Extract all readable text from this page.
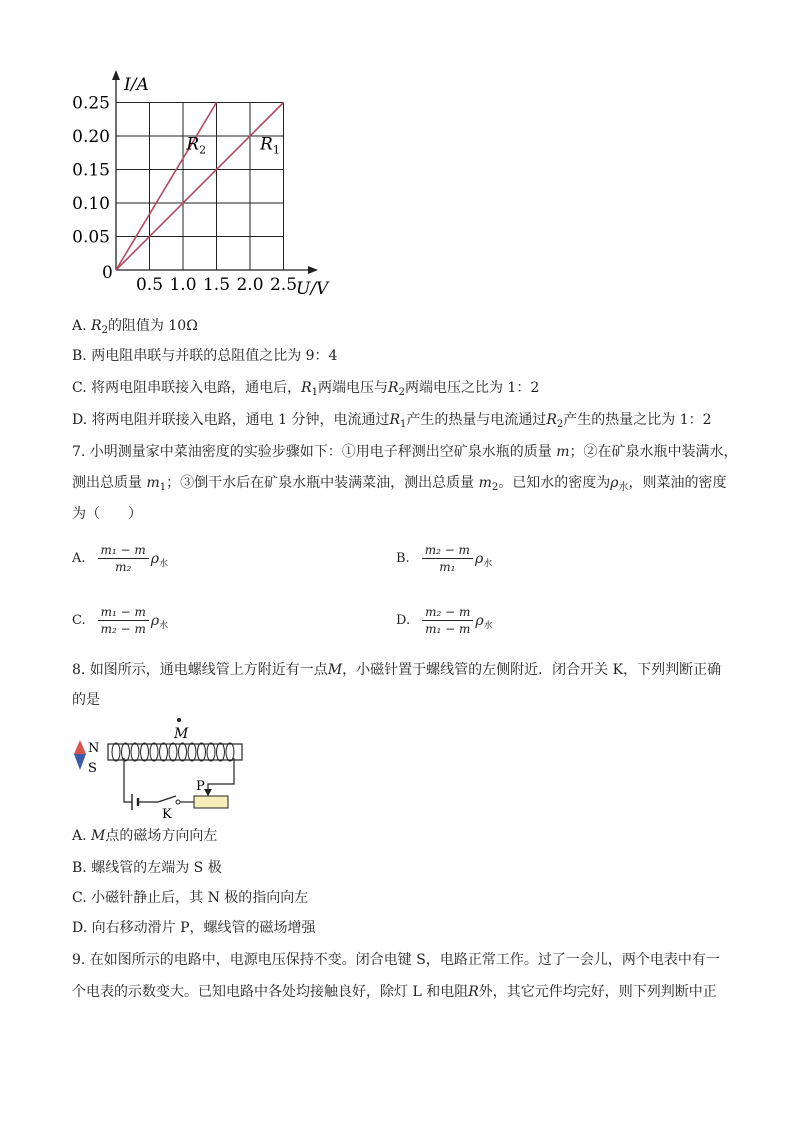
0.5 1.0 1.5 2.0 2.5
0.25
0.20
0.15
0.10
0.05
$R_2$	$R_1$
I/A
U/V
0
A. $R_2$的阻值为 10Ω
B. 两电阻串联与并联的总阻值之比为 9：4
C. 将两电阻串联接入电路，通电后，$R_1$两端电压与$R_2$两端电压之比为 1：2
D. 将两电阻并联接入电路，通电 1 分钟，电流通过$R_1$产生的热量与电流通过$R_2$产生的热量之比为 1：2
7. 小明测量家中菜油密度的实验步骤如下：①用电子秤测出空矿泉水瓶的质量 m；②在矿泉水瓶中装满水，
测出总质量 $m_1$；③倒干水后在矿泉水瓶中装满菜油，测出总质量 $m_2$。已知水的密度为$\rho_水$，则菜油的密度
为（　　）
A. $\frac{\text{m₁ − m}}{\text{m₂}} \rho_水$	B. $\frac{\text{m₂ − m}}{\text{m₁}} \rho_水$
C. $\frac{\text{m₁ − m}}{\text{m₂ − m}} \rho_水$	D. $\frac{\text{m₂ − m}}{\text{m₁ − m}} \rho_水$
8. 如图所示，通电螺线管上方附近有一点M，小磁针置于螺线管的左侧附近．闭合开关 K，下列判断正确
的是
M
N
S
K
P
A. M点的磁场方向向左
B. 螺线管的左端为 S 极
C. 小磁针静止后，其 N 极的指向向左
D. 向右移动滑片 P，螺线管的磁场增强
9. 在如图所示的电路中，电源电压保持不变。闭合电键 S，电路正常工作。过了一会儿，两个电表中有一
个电表的示数变大。已知电路中各处均接触良好，除灯 L 和电阻R外，其它元件均完好，则下列判断中正
